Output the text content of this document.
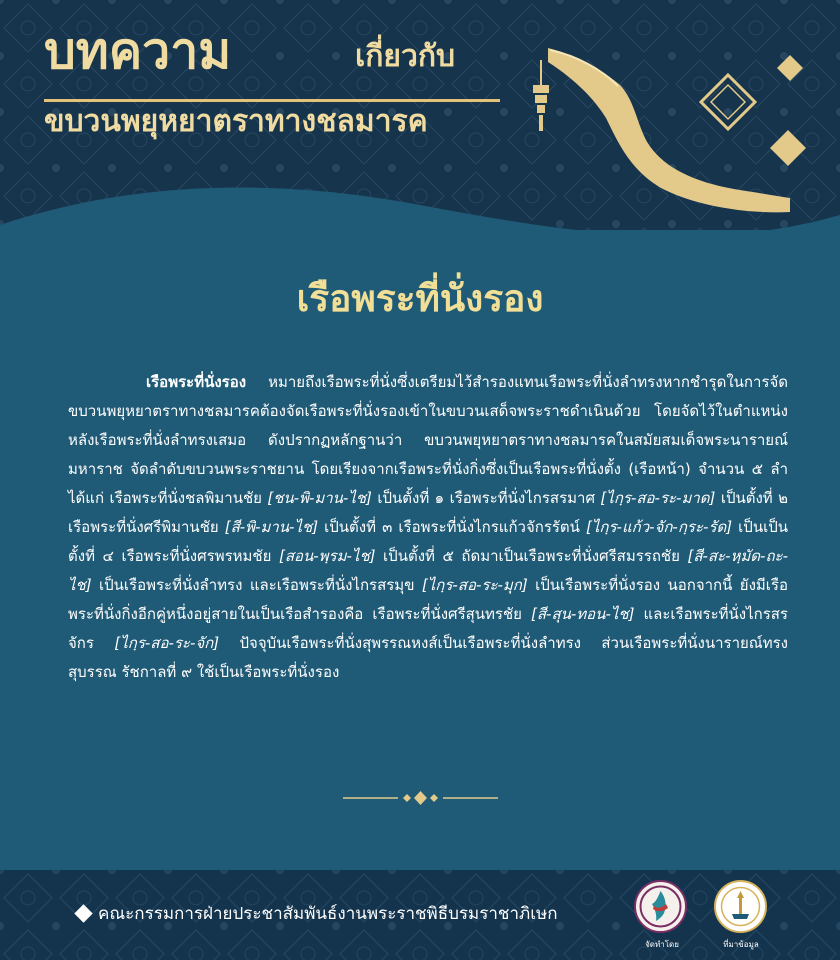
บทความ	เกี่ยวกับ
ขบวนพยุหยาตราทางชลมารค
เรือพระที่นั่งรอง

เรือพระที่นั่งรอง หมายถึงเรือพระที่นั่งซึ่งเตรียมไว้สำรองแทนเรือพระที่นั่งลำทรงหากชำรุดในการจัดขบวนพยุหยาตราทางชลมารคต้องจัดเรือพระที่นั่งรองเข้าในขบวนเสด็จพระราชดำเนินด้วย โดยจัดไว้ในตำแหน่งหลังเรือพระที่นั่งลำทรงเสมอ ดังปรากฏหลักฐานว่า ขบวนพยุหยาตราทางชลมารคในสมัยสมเด็จพระนารายณ์มหาราช จัดลำดับขบวนพระราชยาน โดยเรียงจากเรือพระที่นั่งกิ่งซึ่งเป็นเรือพระที่นั่งตั้ง (เรือหน้า) จำนวน ๕ ลำ ได้แก่ เรือพระที่นั่งชลพิมานชัย [ชน-พิ-มาน-ไช] เป็นตั้งที่ ๑ เรือพระที่นั่งไกรสรมาศ [ไกฺร-สอ-ระ-มาด] เป็นตั้งที่ ๒ เรือพระที่นั่งศรีพิมานชัย [สี-พิ-มาน-ไช] เป็นตั้งที่ ๓ เรือพระที่นั่งไกรแก้วจักรรัตน์ [ไกฺร-แก้ว-จัก-กฺระ-รัด] เป็นเป็นตั้งที่ ๔ เรือพระที่นั่งศรพรหมชัย [สอน-พฺรม-ไช] เป็นตั้งที่ ๕ ถัดมาเป็นเรือพระที่นั่งศรีสมรรถชัย [สี-สะ-หฺมัด-ถะ-ไช] เป็นเรือพระที่นั่งลำทรง และเรือพระที่นั่งไกรสรมุข [ไกฺร-สอ-ระ-มุก] เป็นเรือพระที่นั่งรอง นอกจากนี้ ยังมีเรือพระที่นั่งกิ่งอีกคู่หนึ่งอยู่สายในเป็นเรือสำรองคือ เรือพระที่นั่งศรีสุนทรชัย [สี-สุน-ทอน-ไช] และเรือพระที่นั่งไกรสรจักร [ไกฺร-สอ-ระ-จัก] ปัจจุบันเรือพระที่นั่งสุพรรณหงส์เป็นเรือพระที่นั่งลำทรง ส่วนเรือพระที่นั่งนารายณ์ทรงสุบรรณ รัชกาลที่ ๙ ใช้เป็นเรือพระที่นั่งรอง

คณะกรรมการฝ่ายประชาสัมพันธ์งานพระราชพิธีบรมราชาภิเษก
จัดทำโดย	ที่มาข้อมูล
